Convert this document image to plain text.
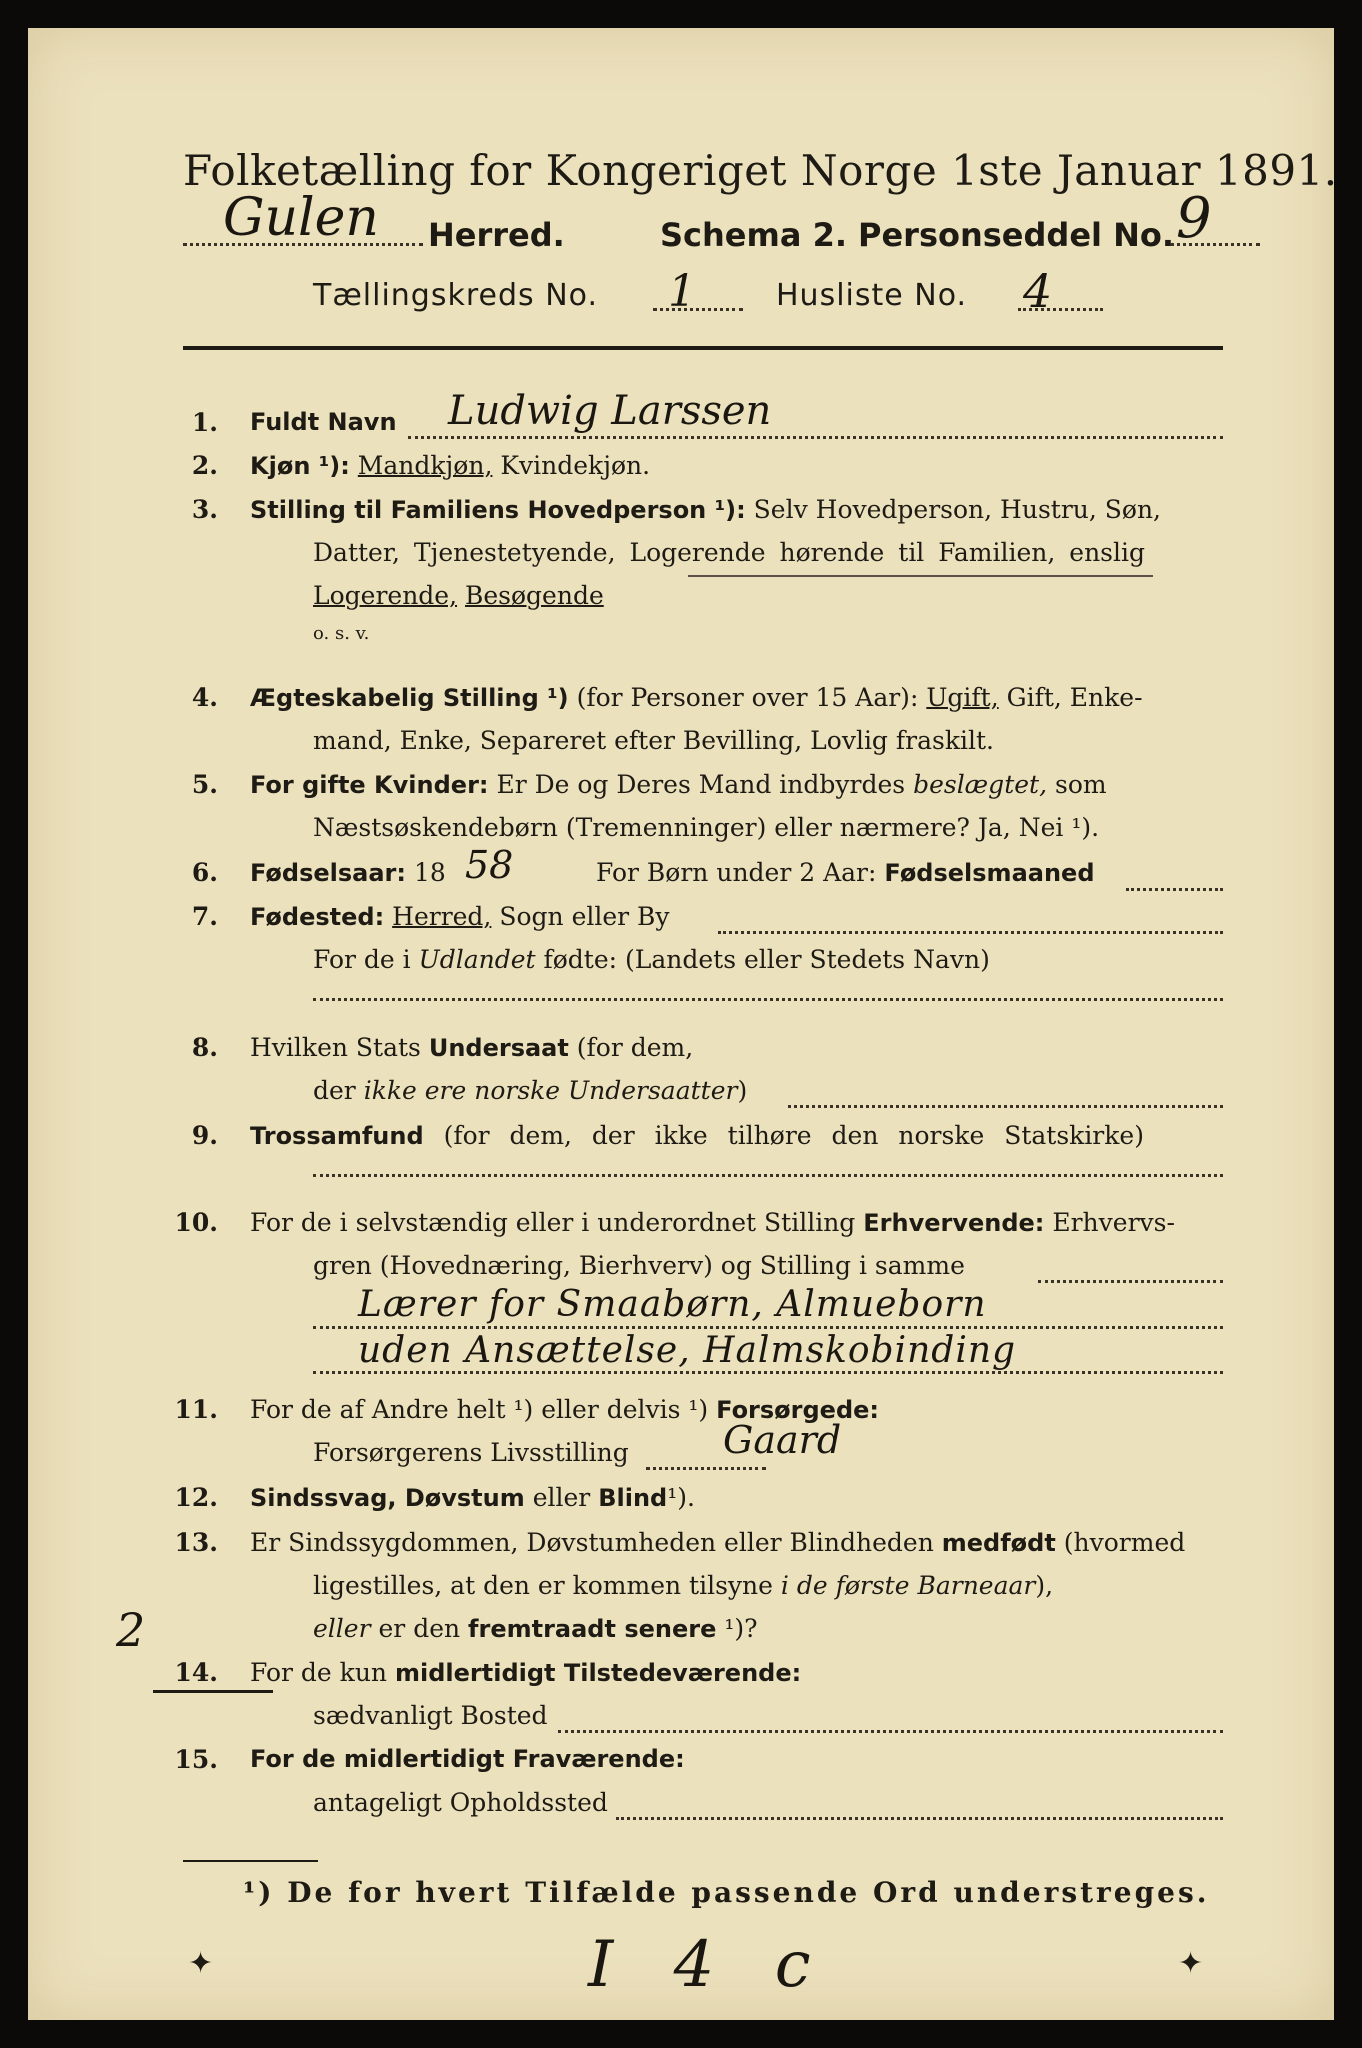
Folketælling for Kongeriget Norge 1ste Januar 1891.
Gulen Herred.	Schema 2. Personseddel No. 9
Tællingskreds No. 1	Husliste No. 4
1. Fuldt Navn Ludwig Larssen
2. Kjøn ¹): Mandkjøn, Kvindekjøn.
3. Stilling til Familiens Hovedperson ¹): Selv Hovedperson, Hustru, Søn,
Datter, Tjenestetyende, Logerende hørende til Familien, enslig
Logerende, Besøgende
o. s. v.
4. Ægteskabelig Stilling ¹) (for Personer over 15 Aar): Ugift, Gift, Enke-
mand, Enke, Separeret efter Bevilling, Lovlig fraskilt.
5. For gifte Kvinder: Er De og Deres Mand indbyrdes beslægtet, som
Næstsøskendebørn (Tremenninger) eller nærmere? Ja, Nei ¹).
6. Fødselsaar: 18 58	For Børn under 2 Aar: Fødselsmaaned
7. Fødested: Herred, Sogn eller By
For de i Udlandet fødte: (Landets eller Stedets Navn)
8. Hvilken Stats Undersaat (for dem,
der ikke ere norske Undersaatter)
9. Trossamfund (for dem, der ikke tilhøre den norske Statskirke)
10. For de i selvstændig eller i underordnet Stilling Erhvervende: Erhvervs-
gren (Hovednæring, Bierhverv) og Stilling i samme
Lærer for Smaabørn, Almueborn
uden Ansættelse, Halmskobinding
11. For de af Andre helt ¹) eller delvis ¹) Forsørgede:
Forsørgerens Livsstilling Gaard
12. Sindssvag, Døvstum eller Blind¹).
13. Er Sindssygdommen, Døvstumheden eller Blindheden medfødt (hvormed
ligestilles, at den er kommen tilsyne i de første Barneaar),
eller er den fremtraadt senere ¹)?
2
14. For de kun midlertidigt Tilstedeværende:
sædvanligt Bosted
15. For de midlertidigt Fraværende:
antageligt Opholdssted
¹) De for hvert Tilfælde passende Ord understreges.
I 4 c
✦	✦
